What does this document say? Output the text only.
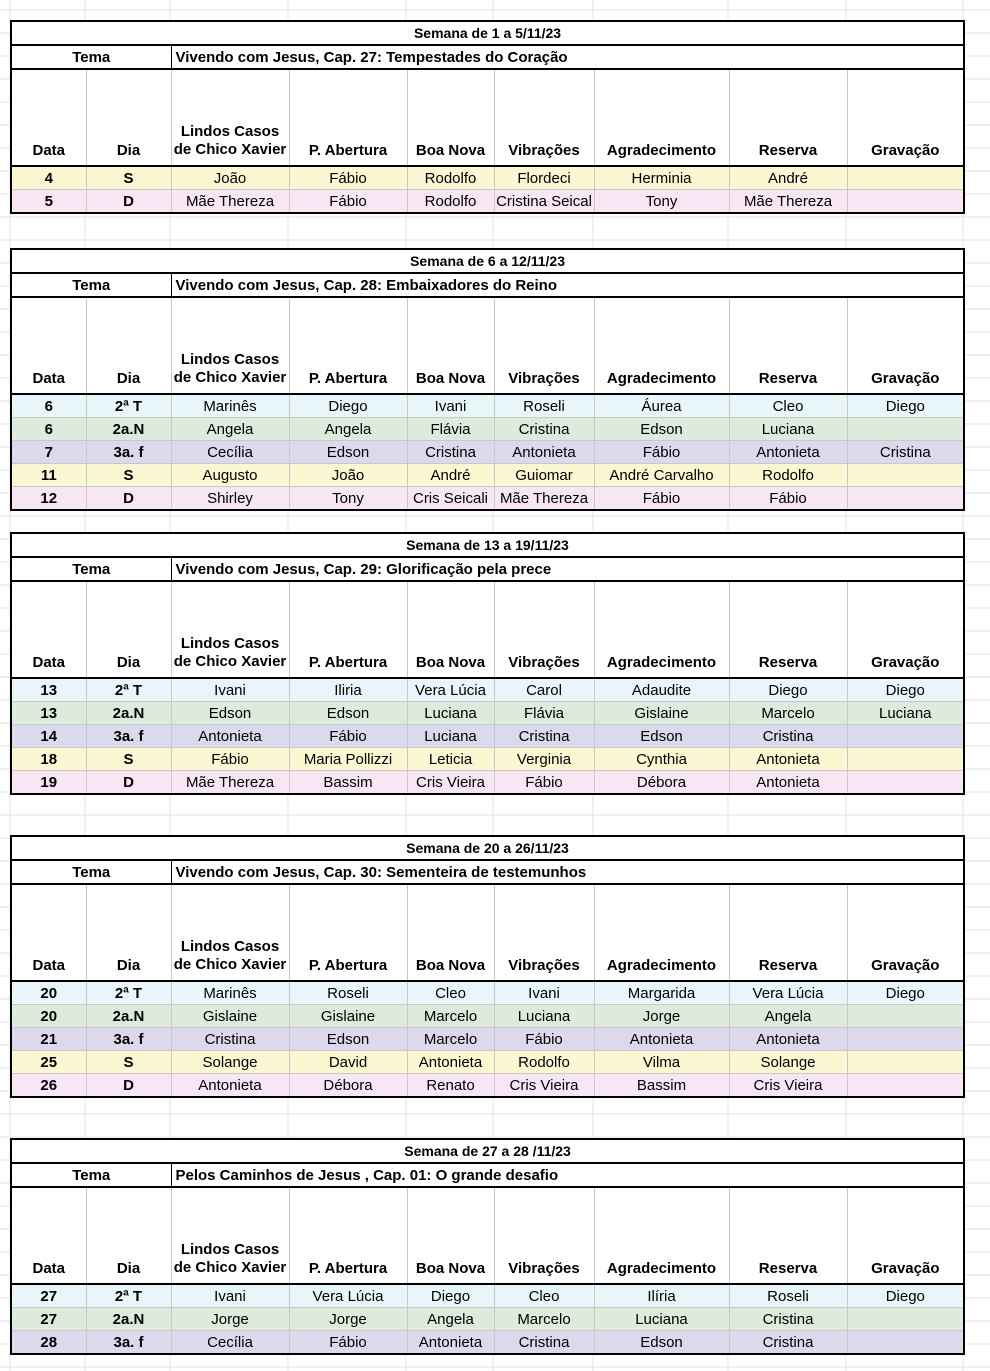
Semana de 1 a 5/11/23								
Tema		Vivendo com Jesus, Cap. 27: Tempestades do Coração						
Data	Dia	Lindos Casos de Chico Xavier	P. Abertura	Boa Nova	Vibrações	Agradecimento	Reserva	Gravação
4	S	João	Fábio	Rodolfo	Flordeci	Herminia	André	
5	D	Mãe Thereza	Fábio	Rodolfo	Cristina Seical	Tony	Mãe Thereza	
Semana de 6 a 12/11/23								
Tema		Vivendo com Jesus, Cap. 28: Embaixadores do Reino						
Data	Dia	Lindos Casos de Chico Xavier	P. Abertura	Boa Nova	Vibrações	Agradecimento	Reserva	Gravação
6	2ª T	Marinês	Diego	Ivani	Roseli	Áurea	Cleo	Diego
6	2a.N	Angela	Angela	Flávia	Cristina	Edson	Luciana	
7	3a. f	Cecília	Edson	Cristina	Antonieta	Fábio	Antonieta	Cristina
11	S	Augusto	João	André	Guiomar	André Carvalho	Rodolfo	
12	D	Shirley	Tony	Cris Seicali	Mãe Thereza	Fábio	Fábio	
Semana de 13 a 19/11/23								
Tema		Vivendo com Jesus, Cap. 29: Glorificação pela prece						
Data	Dia	Lindos Casos de Chico Xavier	P. Abertura	Boa Nova	Vibrações	Agradecimento	Reserva	Gravação
13	2ª T	Ivani	Iliria	Vera Lúcia	Carol	Adaudite	Diego	Diego
13	2a.N	Edson	Edson	Luciana	Flávia	Gislaine	Marcelo	Luciana
14	3a. f	Antonieta	Fábio	Luciana	Cristina	Edson	Cristina	
18	S	Fábio	Maria Pollizzi	Leticia	Verginia	Cynthia	Antonieta	
19	D	Mãe Thereza	Bassim	Cris Vieira	Fábio	Débora	Antonieta	
Semana de 20 a 26/11/23								
Tema		Vivendo com Jesus, Cap. 30: Sementeira de testemunhos						
Data	Dia	Lindos Casos de Chico Xavier	P. Abertura	Boa Nova	Vibrações	Agradecimento	Reserva	Gravação
20	2ª T	Marinês	Roseli	Cleo	Ivani	Margarida	Vera Lúcia	Diego
20	2a.N	Gislaine	Gislaine	Marcelo	Luciana	Jorge	Angela	
21	3a. f	Cristina	Edson	Marcelo	Fábio	Antonieta	Antonieta	
25	S	Solange	David	Antonieta	Rodolfo	Vilma	Solange	
26	D	Antonieta	Débora	Renato	Cris Vieira	Bassim	Cris Vieira	
Semana de 27 a 28 /11/23								
Tema		Pelos Caminhos de Jesus , Cap. 01: O grande desafio						
Data	Dia	Lindos Casos de Chico Xavier	P. Abertura	Boa Nova	Vibrações	Agradecimento	Reserva	Gravação
27	2ª T	Ivani	Vera Lúcia	Diego	Cleo	Ilíria	Roseli	Diego
27	2a.N	Jorge	Jorge	Angela	Marcelo	Luciana	Cristina	
28	3a. f	Cecília	Fábio	Antonieta	Cristina	Edson	Cristina	
